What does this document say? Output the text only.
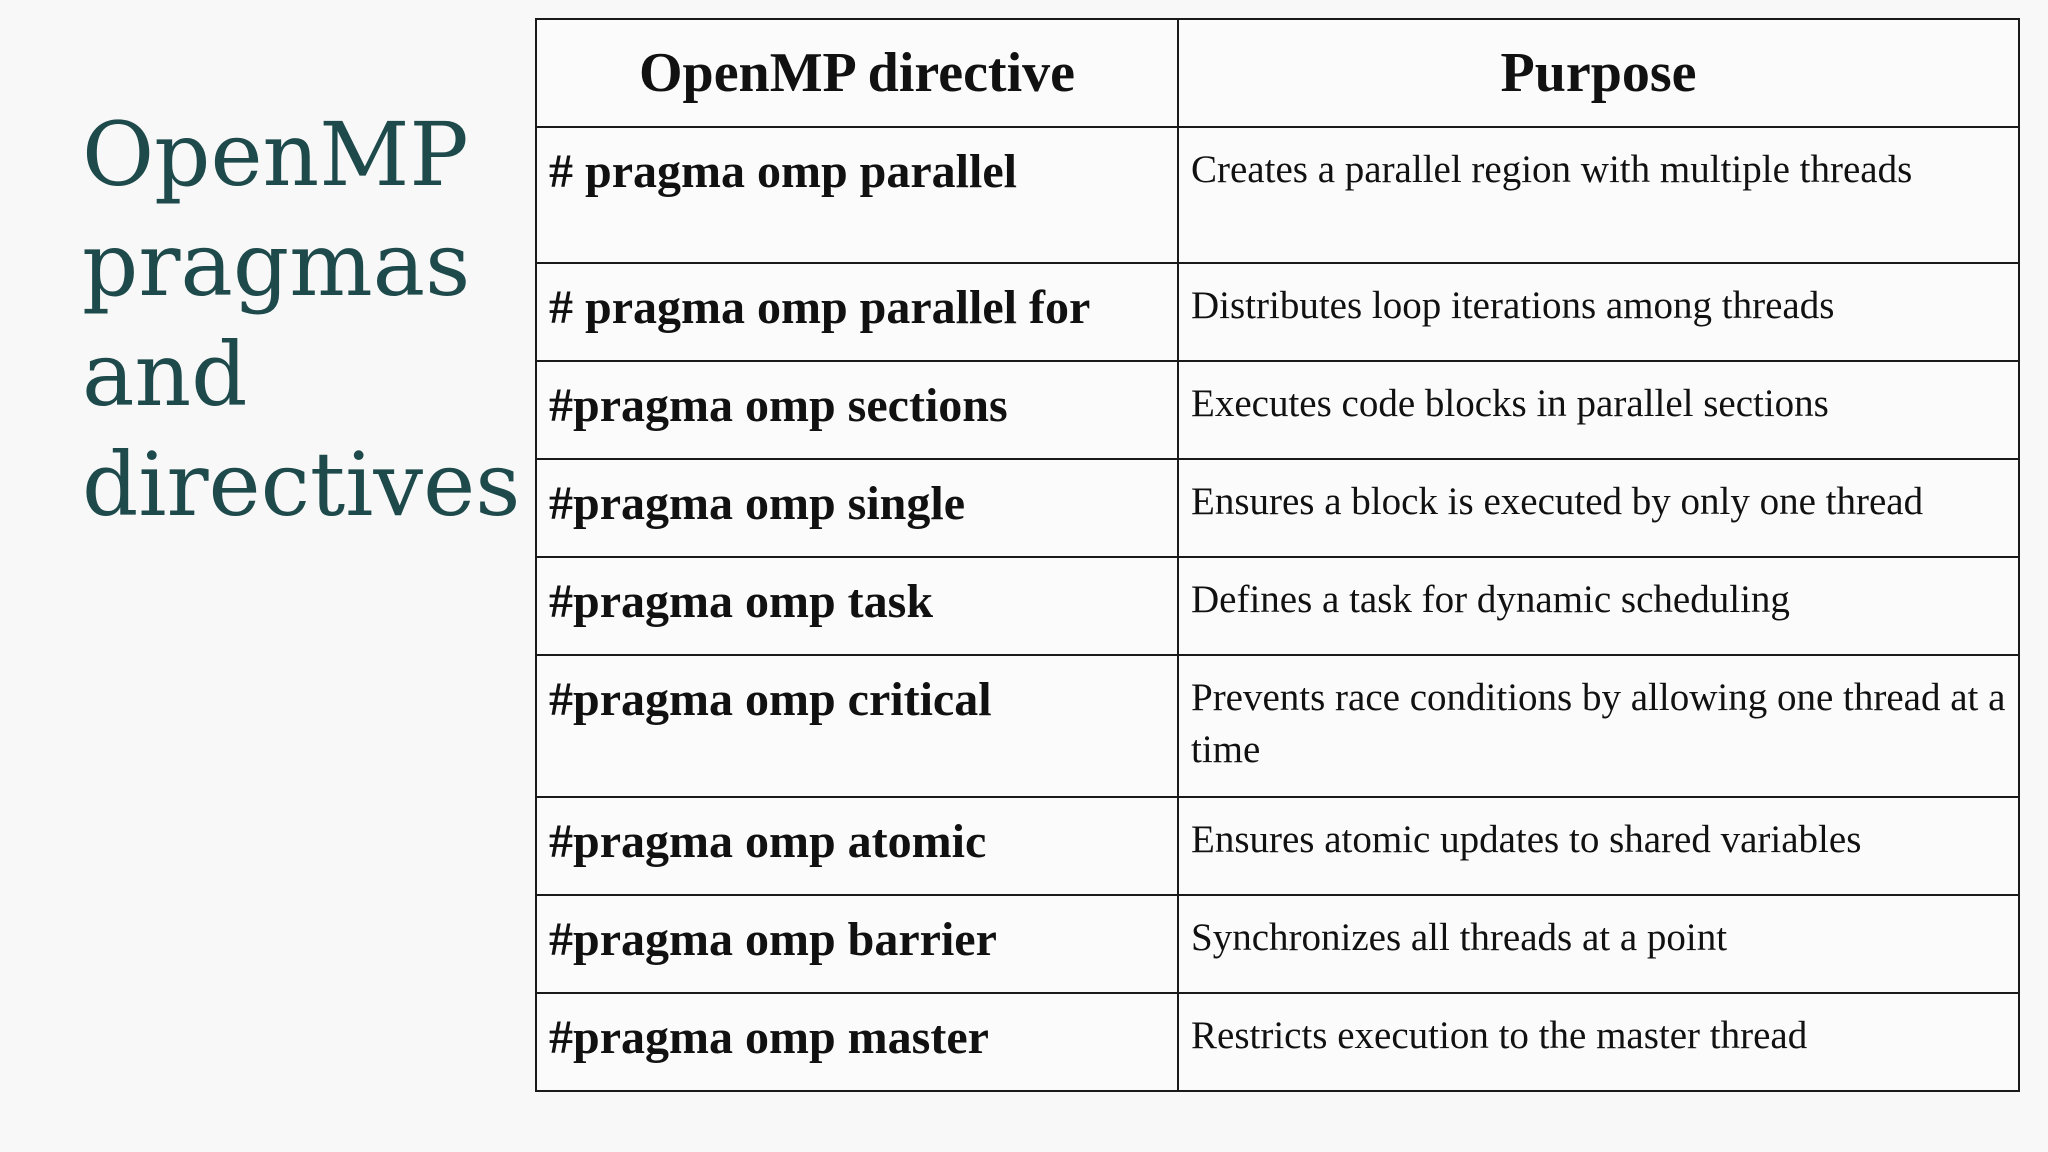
OpenMP
pragmas
and
directives
OpenMP directive	Purpose
# pragma omp parallel	Creates a parallel region with multiple threads
# pragma omp parallel for	Distributes loop iterations among threads
#pragma omp sections	Executes code blocks in parallel sections
#pragma omp single	Ensures a block is executed by only one thread
#pragma omp task	Defines a task for dynamic scheduling
#pragma omp critical	Prevents race conditions by allowing one thread at a time
#pragma omp atomic	Ensures atomic updates to shared variables
#pragma omp barrier	Synchronizes all threads at a point
#pragma omp master	Restricts execution to the master thread
